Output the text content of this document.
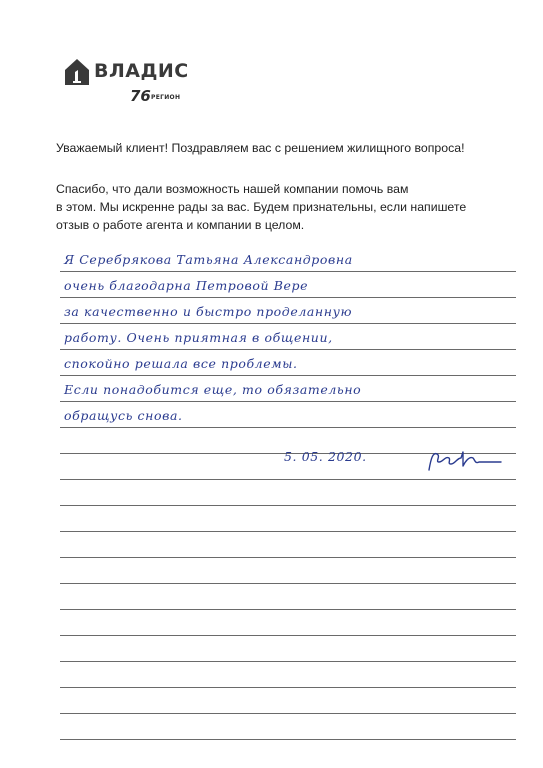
ВЛАДИС
76 РЕГИОН
Уважаемый клиент! Поздравляем вас с решением жилищного вопроса!
Спасибо, что дали возможность нашей компании помочь вам
в этом. Мы искренне рады за вас. Будем признательны, если напишете
отзыв о работе агента и компании в целом.
Я Серебрякова Татьяна Александровна
очень благодарна Петровой Вере
за качественно и быстро проделанную
работу. Очень приятная в общении,
спокойно решала все проблемы.
Если понадобится еще, то обязательно
обращусь снова.
5. 05. 2020.
